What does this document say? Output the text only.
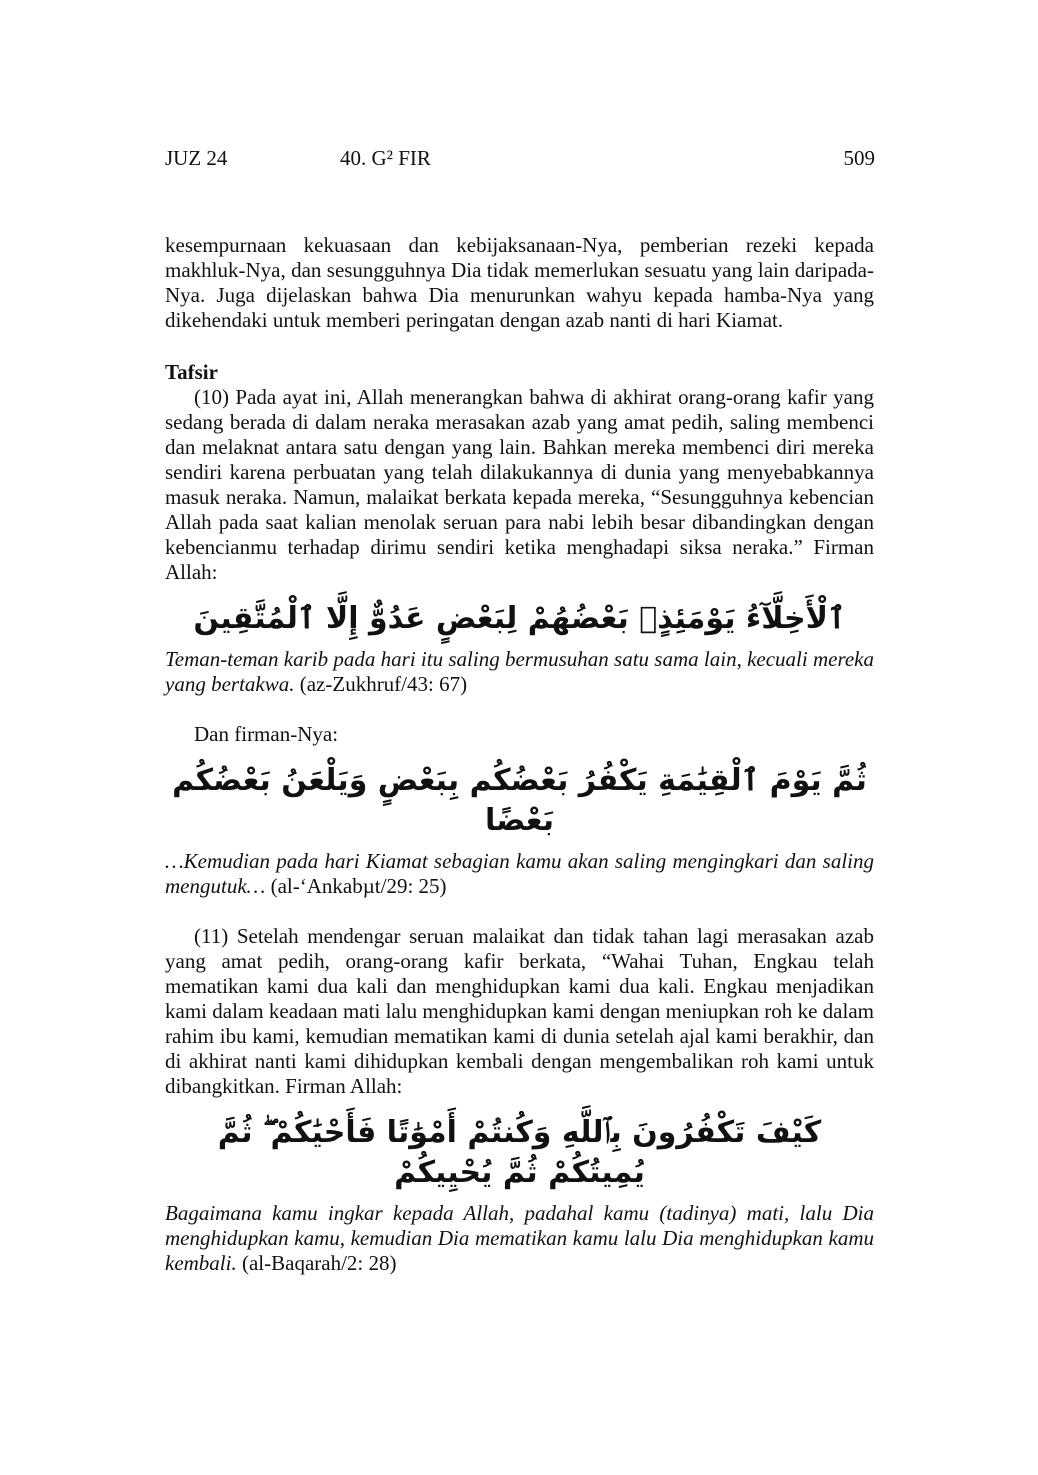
JUZ 24	40. G² FIR	509

kesempurnaan kekuasaan dan kebijaksanaan-Nya, pemberian rezeki kepada makhluk-Nya, dan sesungguhnya Dia tidak memerlukan sesuatu yang lain daripada-Nya. Juga dijelaskan bahwa Dia menurunkan wahyu kepada hamba-Nya yang dikehendaki untuk memberi peringatan dengan azab nanti di hari Kiamat.

Tafsir

(10) Pada ayat ini, Allah menerangkan bahwa di akhirat orang-orang kafir yang sedang berada di dalam neraka merasakan azab yang amat pedih, saling membenci dan melaknat antara satu dengan yang lain. Bahkan mereka membenci diri mereka sendiri karena perbuatan yang telah dilakukannya di dunia yang menyebabkannya masuk neraka. Namun, malaikat berkata kepada mereka, “Sesungguhnya kebencian Allah pada saat kalian menolak seruan para nabi lebih besar dibandingkan dengan kebencianmu terhadap dirimu sendiri ketika menghadapi siksa neraka.” Firman Allah:

ٱلْأَخِلَّآءُ يَوْمَئِذٍۭ بَعْضُهُمْ لِبَعْضٍ عَدُوٌّ إِلَّا ٱلْمُتَّقِينَ

Teman-teman karib pada hari itu saling bermusuhan satu sama lain, kecuali mereka yang bertakwa. (az-Zukhruf/43: 67)

Dan firman-Nya:

ثُمَّ يَوْمَ ٱلْقِيَٰمَةِ يَكْفُرُ بَعْضُكُم بِبَعْضٍ وَيَلْعَنُ بَعْضُكُم بَعْضًا

…Kemudian pada hari Kiamat sebagian kamu akan saling mengingkari dan saling mengutuk… (al-‘Ankabµt/29: 25)

(11) Setelah mendengar seruan malaikat dan tidak tahan lagi merasakan azab yang amat pedih, orang-orang kafir berkata, “Wahai Tuhan, Engkau telah mematikan kami dua kali dan menghidupkan kami dua kali. Engkau menjadikan kami dalam keadaan mati lalu menghidupkan kami dengan meniupkan roh ke dalam rahim ibu kami, kemudian mematikan kami di dunia setelah ajal kami berakhir, dan di akhirat nanti kami dihidupkan kembali dengan mengembalikan roh kami untuk dibangkitkan. Firman Allah:

كَيْفَ تَكْفُرُونَ بِٱللَّهِ وَكُنتُمْ أَمْوَٰتًا فَأَحْيَٰكُمْ ۖ ثُمَّ يُمِيتُكُمْ ثُمَّ يُحْيِيكُمْ

Bagaimana kamu ingkar kepada Allah, padahal kamu (tadinya) mati, lalu Dia menghidupkan kamu, kemudian Dia mematikan kamu lalu Dia menghidupkan kamu kembali. (al-Baqarah/2: 28)
